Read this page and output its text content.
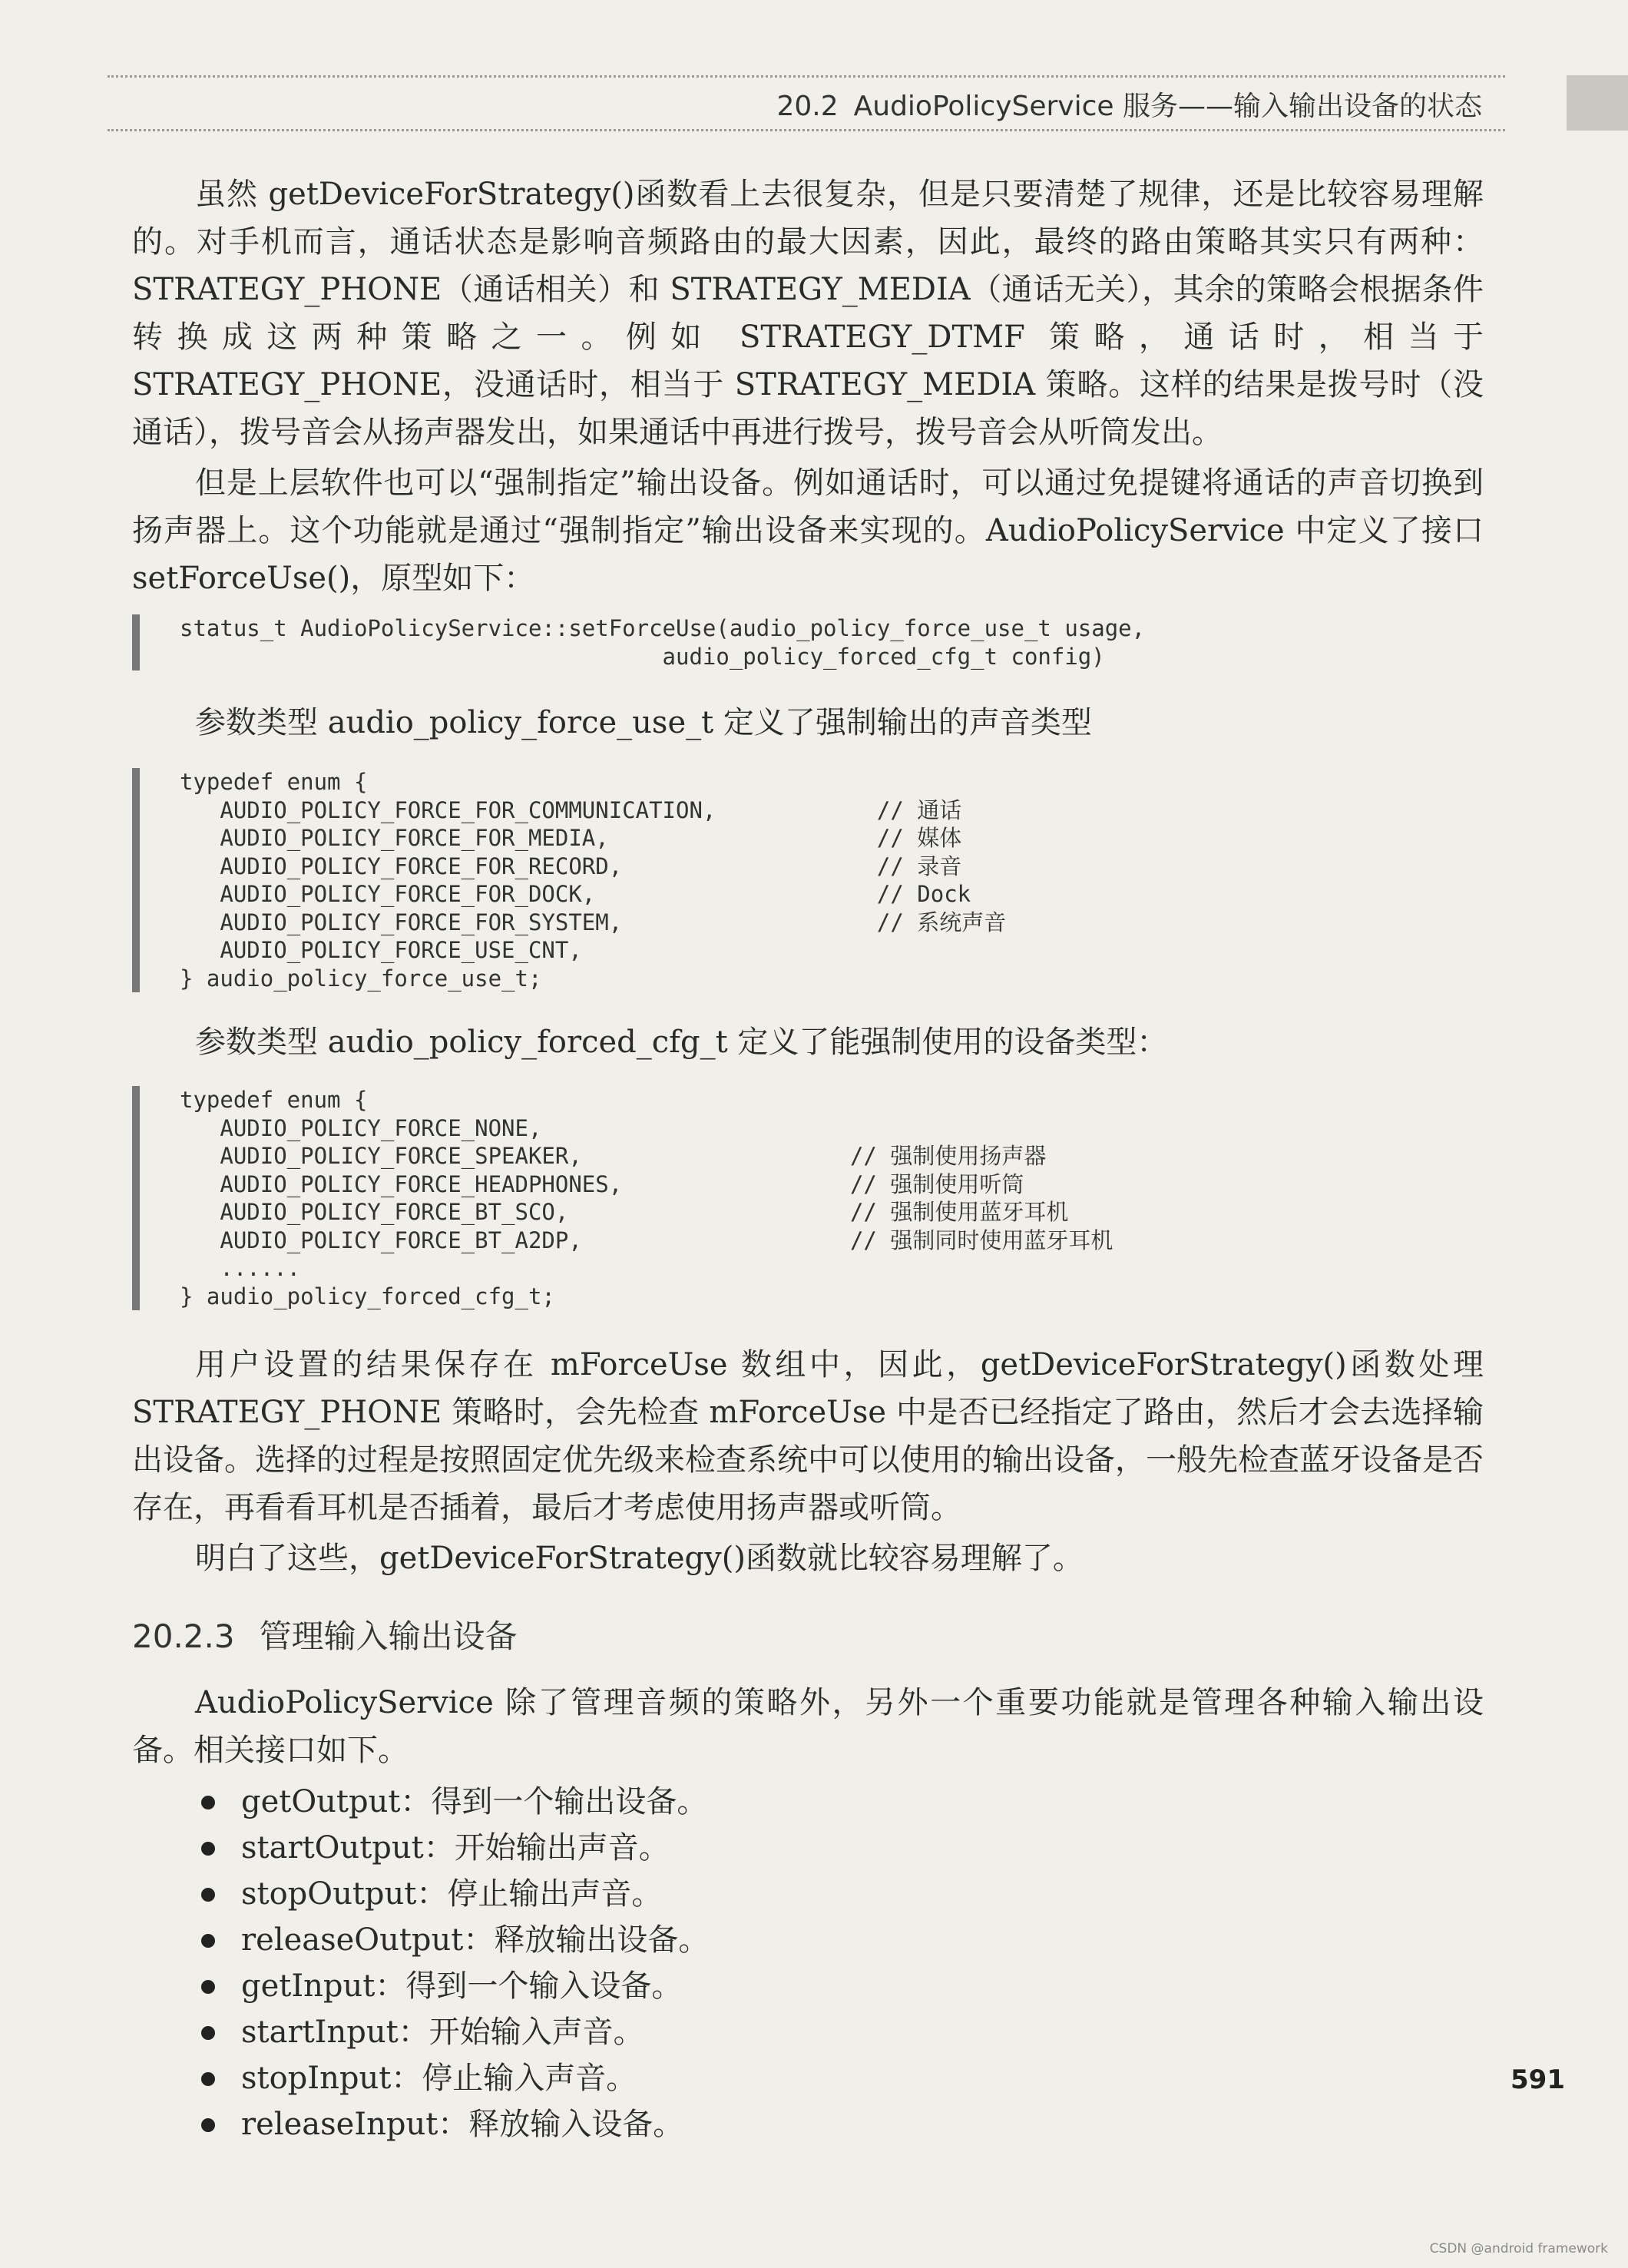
20.2 AudioPolicyService 服务——输入输出设备的状态

虽然 getDeviceForStrategy()函数看上去很复杂，但是只要清楚了规律，还是比较容易理解的。对手机而言，通话状态是影响音频路由的最大因素，因此，最终的路由策略其实只有两种：STRATEGY_PHONE（通话相关）和 STRATEGY_MEDIA（通话无关），其余的策略会根据条件转换成这两种策略之一。例如 STRATEGY_DTMF 策略，通话时，相当于 STRATEGY_PHONE，没通话时，相当于 STRATEGY_MEDIA 策略。这样的结果是拨号时（没通话），拨号音会从扬声器发出，如果通话中再进行拨号，拨号音会从听筒发出。

但是上层软件也可以“强制指定”输出设备。例如通话时，可以通过免提键将通话的声音切换到扬声器上。这个功能就是通过“强制指定”输出设备来实现的。AudioPolicyService 中定义了接口 setForceUse()，原型如下：

status_t AudioPolicyService::setForceUse(audio_policy_force_use_t usage,
audio_policy_forced_cfg_t config)

参数类型 audio_policy_force_use_t 定义了强制输出的声音类型

typedef enum {
AUDIO_POLICY_FORCE_FOR_COMMUNICATION,            // 通话
AUDIO_POLICY_FORCE_FOR_MEDIA,                    // 媒体
AUDIO_POLICY_FORCE_FOR_RECORD,                   // 录音
AUDIO_POLICY_FORCE_FOR_DOCK,                     // Dock
AUDIO_POLICY_FORCE_FOR_SYSTEM,                   // 系统声音
AUDIO_POLICY_FORCE_USE_CNT,
} audio_policy_force_use_t;

参数类型 audio_policy_forced_cfg_t 定义了能强制使用的设备类型：

typedef enum {
AUDIO_POLICY_FORCE_NONE,
AUDIO_POLICY_FORCE_SPEAKER,                    // 强制使用扬声器
AUDIO_POLICY_FORCE_HEADPHONES,                 // 强制使用听筒
AUDIO_POLICY_FORCE_BT_SCO,                     // 强制使用蓝牙耳机
AUDIO_POLICY_FORCE_BT_A2DP,                    // 强制同时使用蓝牙耳机
......
} audio_policy_forced_cfg_t;

用户设置的结果保存在 mForceUse 数组中，因此，getDeviceForStrategy()函数处理 STRATEGY_PHONE 策略时，会先检查 mForceUse 中是否已经指定了路由，然后才会去选择输出设备。选择的过程是按照固定优先级来检查系统中可以使用的输出设备，一般先检查蓝牙设备是否存在，再看看耳机是否插着，最后才考虑使用扬声器或听筒。

明白了这些，getDeviceForStrategy()函数就比较容易理解了。

20.2.3 管理输入输出设备

AudioPolicyService 除了管理音频的策略外，另外一个重要功能就是管理各种输入输出设备。相关接口如下。

getOutput：得到一个输出设备。
startOutput：开始输出声音。
stopOutput：停止输出声音。
releaseOutput：释放输出设备。
getInput：得到一个输入设备。
startInput：开始输入声音。
stopInput：停止输入声音。
releaseInput：释放输入设备。
591
CSDN @android framework
